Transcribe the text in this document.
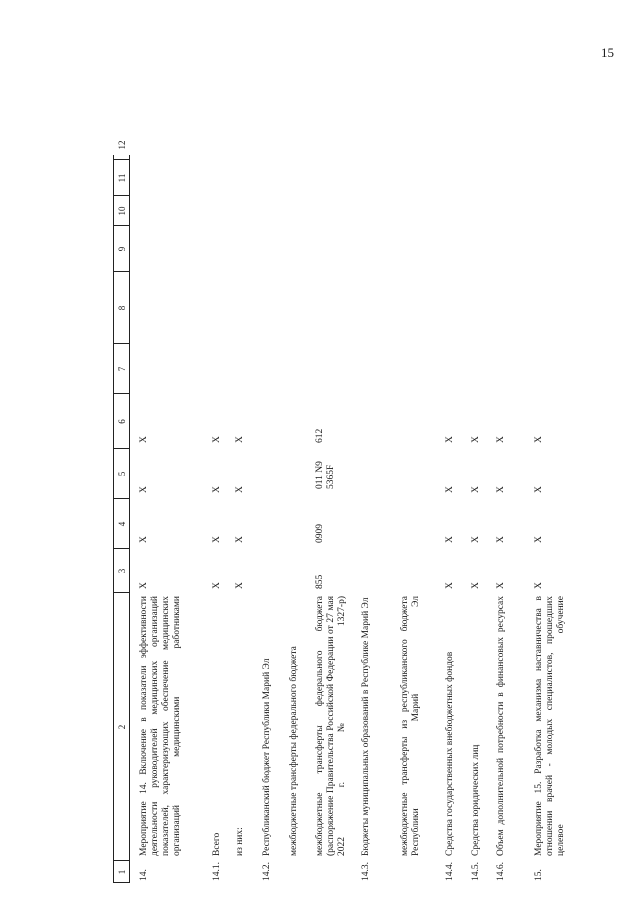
15
1
2
3
4
5
6
7
8
9
10
11
12
14.
Мероприятие 14. Включение в показатели эффективности деятельности руководителей медицинских организаций показателей, характеризующих обеспечение медицинских организаций медицинскими работниками
Х
Х
Х
Х
14.1.
Всего
Х
Х
Х
Х
из них:
Х
Х
Х
Х
14.2.
Республиканский бюджет Республики Марий Эл межбюджетные трансферты федерального бюджета межбюджетные трансферты федерального бюджета (распоряжение Правительства Российской Федерации от 27 мая 2022 г. № 1327-р)
855
0909
011 N9 5365F
612
14.3.
Бюджеты муниципальных образований в Республике Марий Эл	межбюджетные трансферты из республиканского бюджета Республики Марий Эл
14.4.
Средства государственных внебюджетных фондов
Х
Х
Х
Х
14.5.
Средства юридических лиц
Х
Х
Х
Х
14.6.
Объем дополнительной потребности в финансовых ресурсах
Х
Х
Х
Х
15.
Мероприятие 15. Разработка механизма наставничества в отношении врачей - молодых специалистов, прошедших целевое обучение
Х
Х
Х
Х
